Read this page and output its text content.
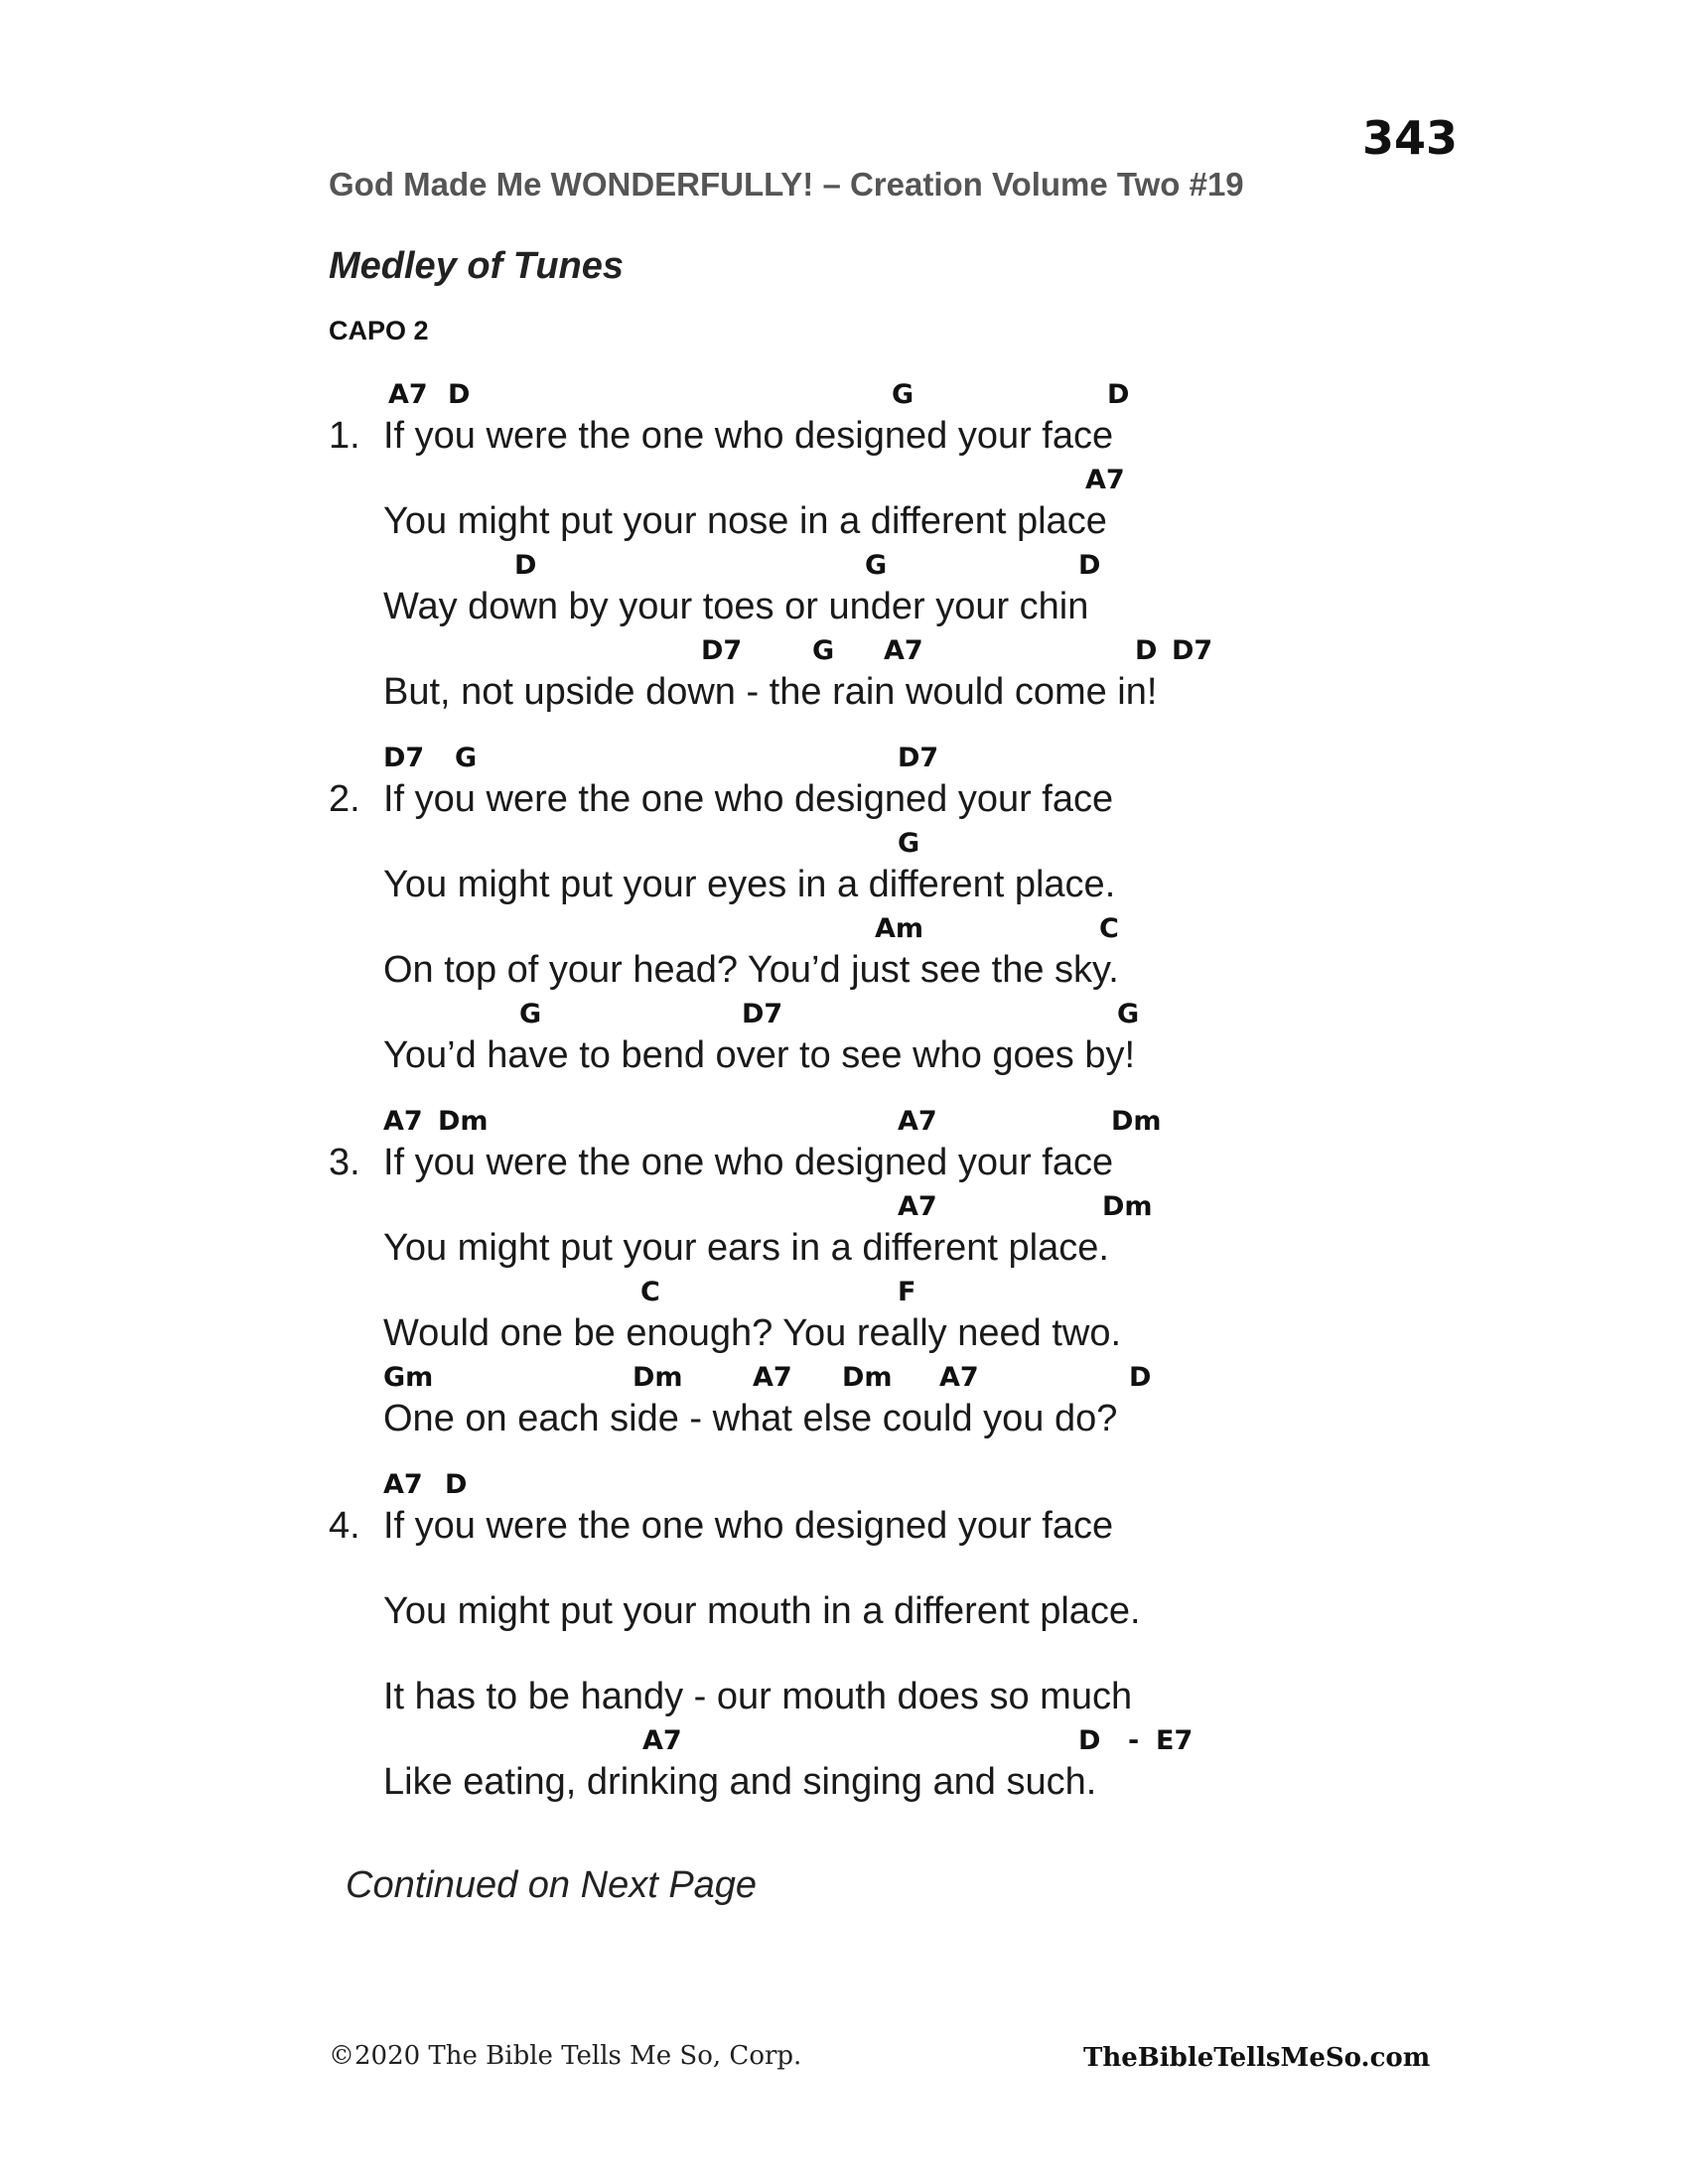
343
God Made Me WONDERFULLY! – Creation Volume Two #19
Medley of Tunes
CAPO 2
1. If you were the one who designed your face
A7 D	G	D
You might put your nose in a different place
A7
Way down by your toes or under your chin
D	G	D
But, not upside down - the rain would come in!
D7	G A7	D D7
2. If you were the one who designed your face
D7 G	D7
You might put your eyes in a different place.
G
On top of your head? You’d just see the sky.
Am	C
You’d have to bend over to see who goes by!
G	D7	G
3. If you were the one who designed your face
A7 Dm	A7	Dm
You might put your ears in a different place.
A7	Dm
Would one be enough? You really need two.
C	F
One on each side - what else could you do?
Gm	Dm	A7 Dm A7	D
4. If you were the one who designed your face
A7 D
You might put your mouth in a different place.
It has to be handy - our mouth does so much
Like eating, drinking and singing and such.
A7	D - E7
Continued on Next Page
©2020 The Bible Tells Me So, Corp.	TheBibleTellsMeSo.com
